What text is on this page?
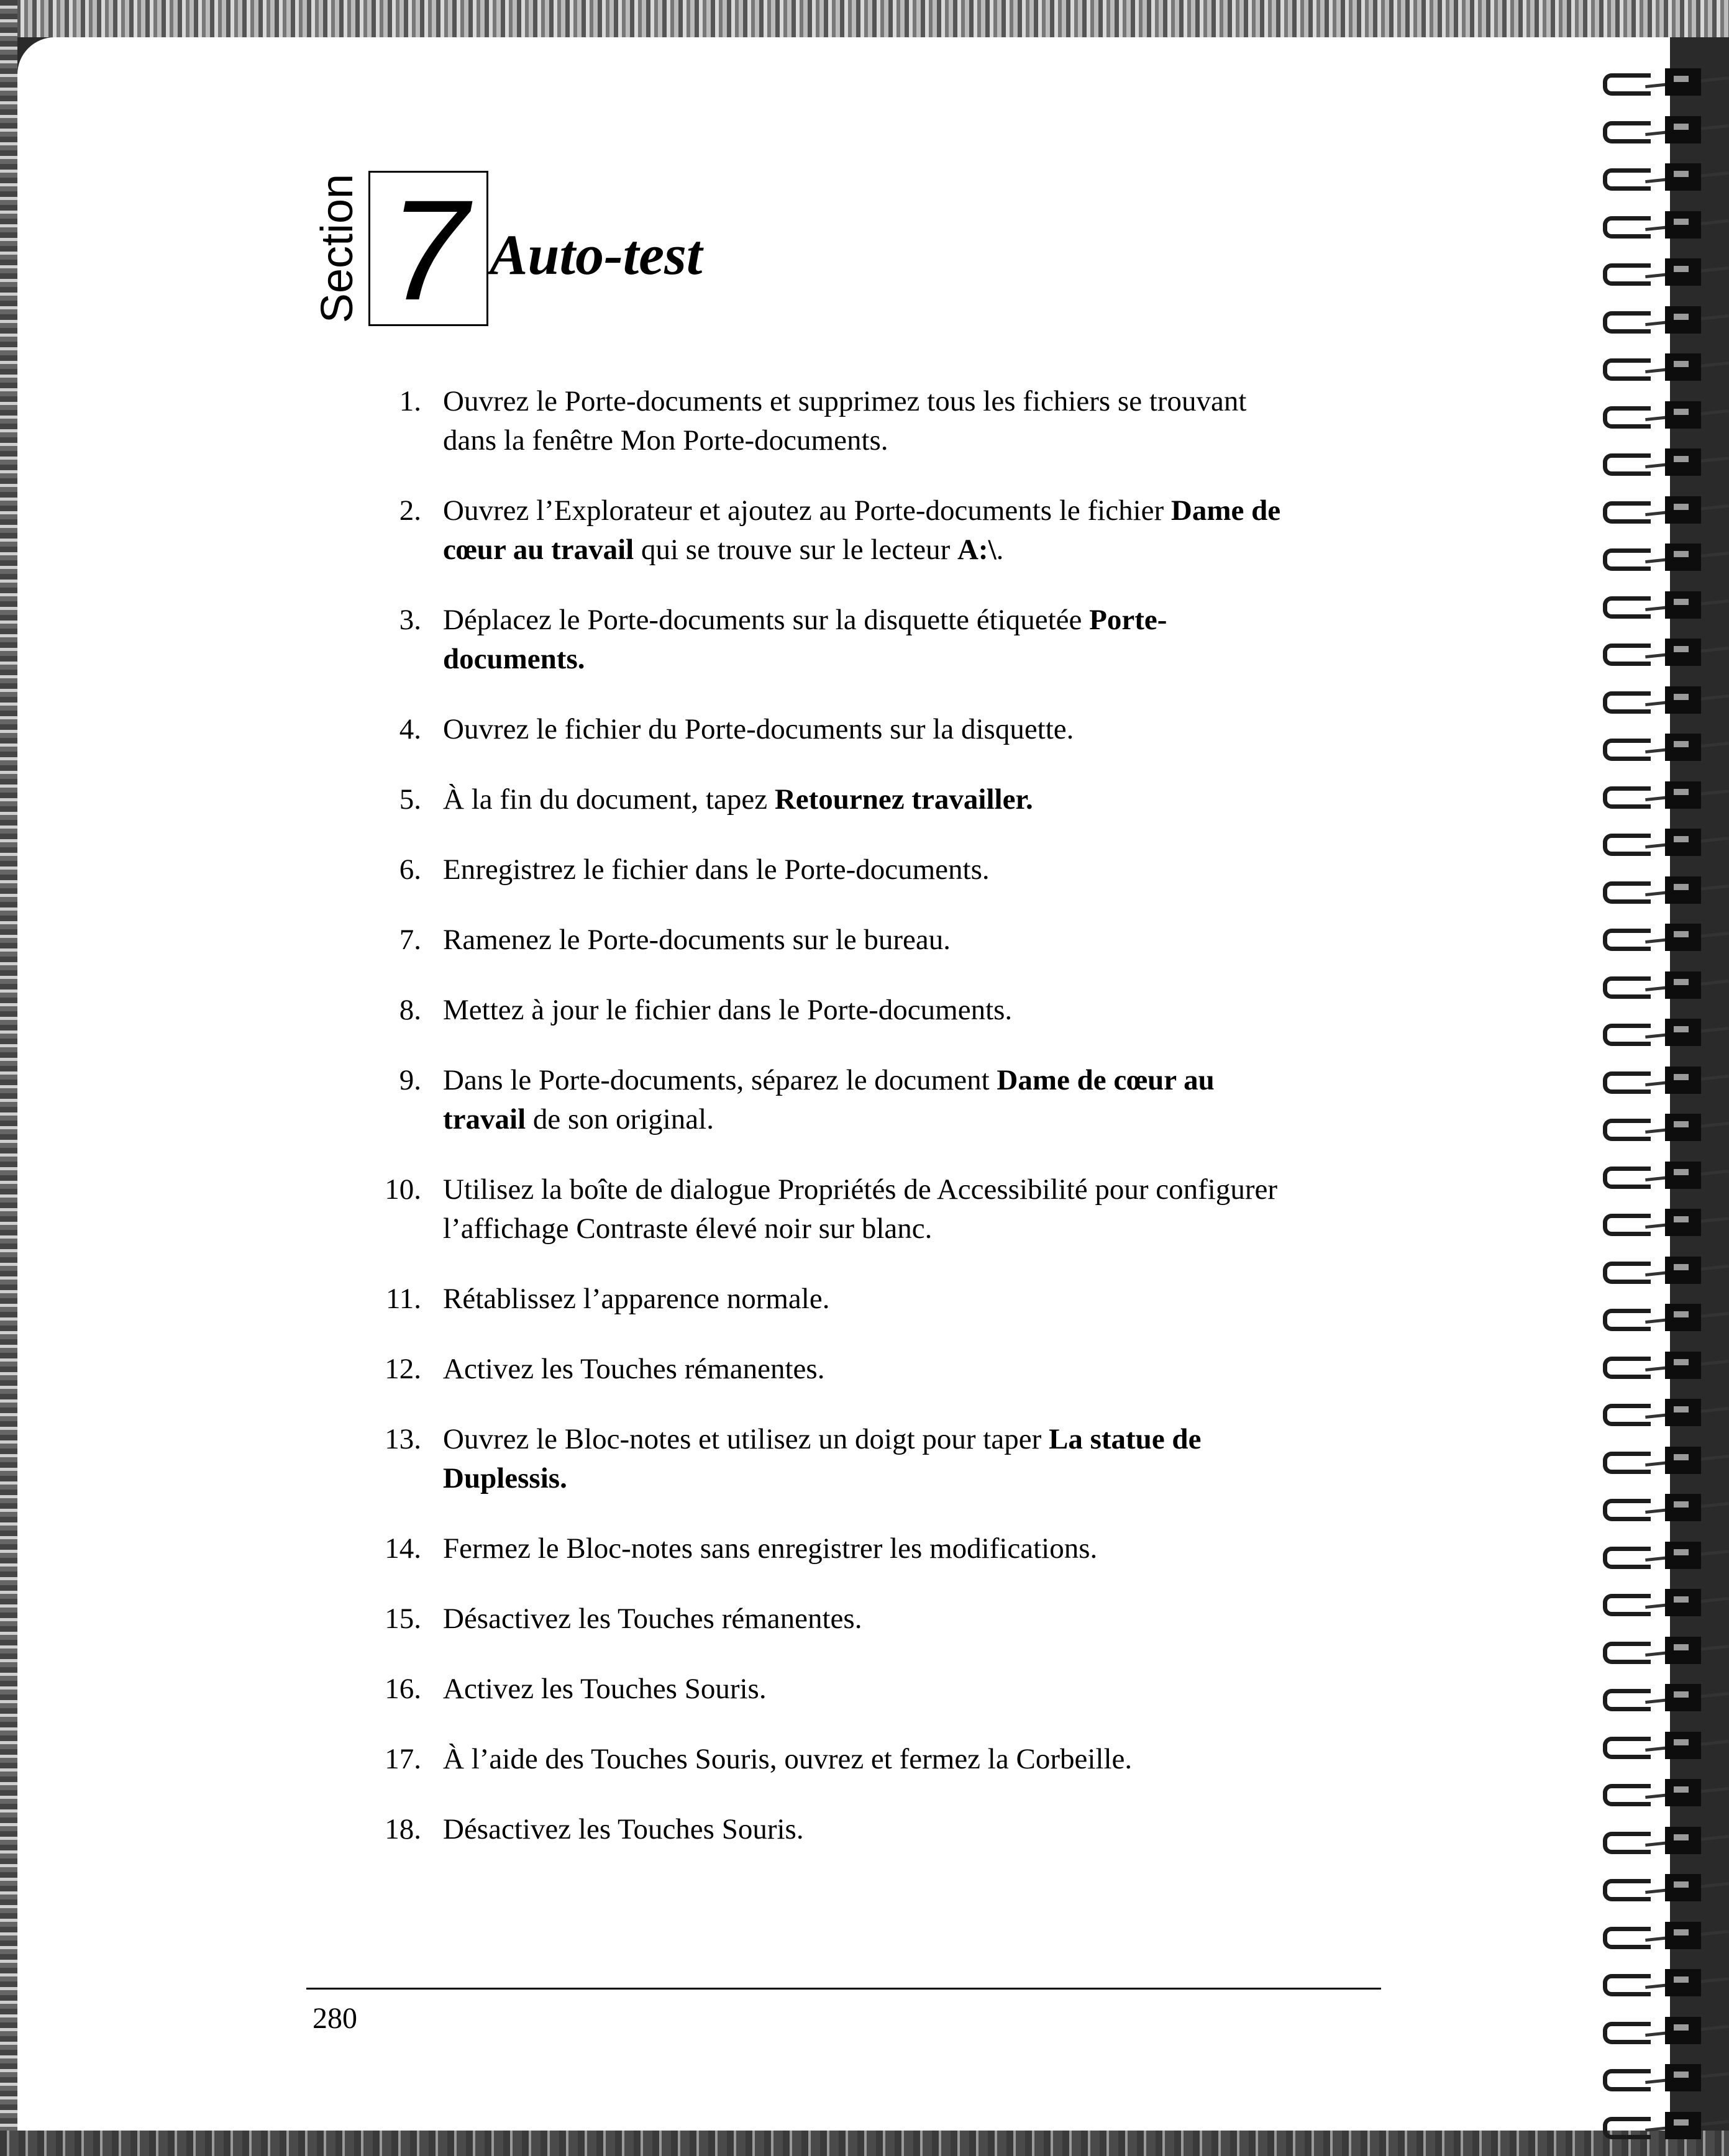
Section 7 Auto-test
1. Ouvrez le Porte-documents et supprimez tous les fichiers se trouvant
dans la fenêtre Mon Porte-documents.
2. Ouvrez l’Explorateur et ajoutez au Porte-documents le fichier Dame de
cœur au travail qui se trouve sur le lecteur A:\.
3. Déplacez le Porte-documents sur la disquette étiquetée Porte-
documents.
4. Ouvrez le fichier du Porte-documents sur la disquette.
5. À la fin du document, tapez Retournez travailler.
6. Enregistrez le fichier dans le Porte-documents.
7. Ramenez le Porte-documents sur le bureau.
8. Mettez à jour le fichier dans le Porte-documents.
9. Dans le Porte-documents, séparez le document Dame de cœur au
travail de son original.
10. Utilisez la boîte de dialogue Propriétés de Accessibilité pour configurer
l’affichage Contraste élevé noir sur blanc.
11. Rétablissez l’apparence normale.
12. Activez les Touches rémanentes.
13. Ouvrez le Bloc-notes et utilisez un doigt pour taper La statue de
Duplessis.
14. Fermez le Bloc-notes sans enregistrer les modifications.
15. Désactivez les Touches rémanentes.
16. Activez les Touches Souris.
17. À l’aide des Touches Souris, ouvrez et fermez la Corbeille.
18. Désactivez les Touches Souris.
280
